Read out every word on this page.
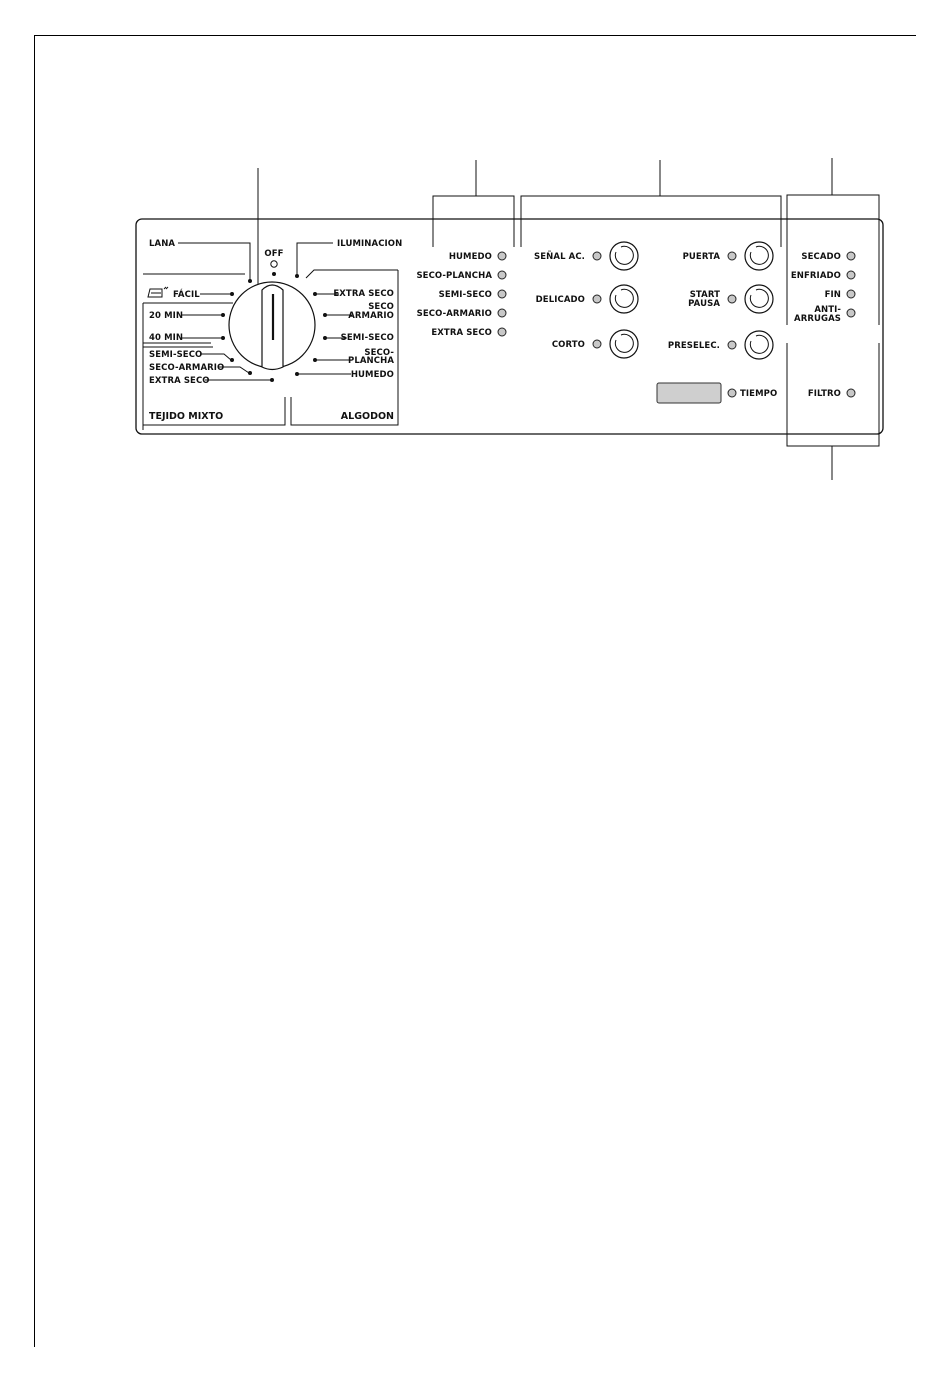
OFF
LANA
FÁCIL
20 MIN
40 MIN
SEMI-SECO
SECO-ARMARIO
EXTRA SECO
TEJIDO MIXTO
ILUMINACION
EXTRA SECO
SECO
ARMARIO
SEMI-SECO
SECO-
PLANCHA
HUMEDO
ALGODON
HUMEDO
SECO-PLANCHA
SEMI-SECO
SECO-ARMARIO
EXTRA SECO
SEÑAL AC.
DELICADO
CORTO
PUERTA
START
PAUSA
PRESELEC.
TIEMPO
SECADO
ENFRIADO
FIN
ANTI-
ARRUGAS
FILTRO
